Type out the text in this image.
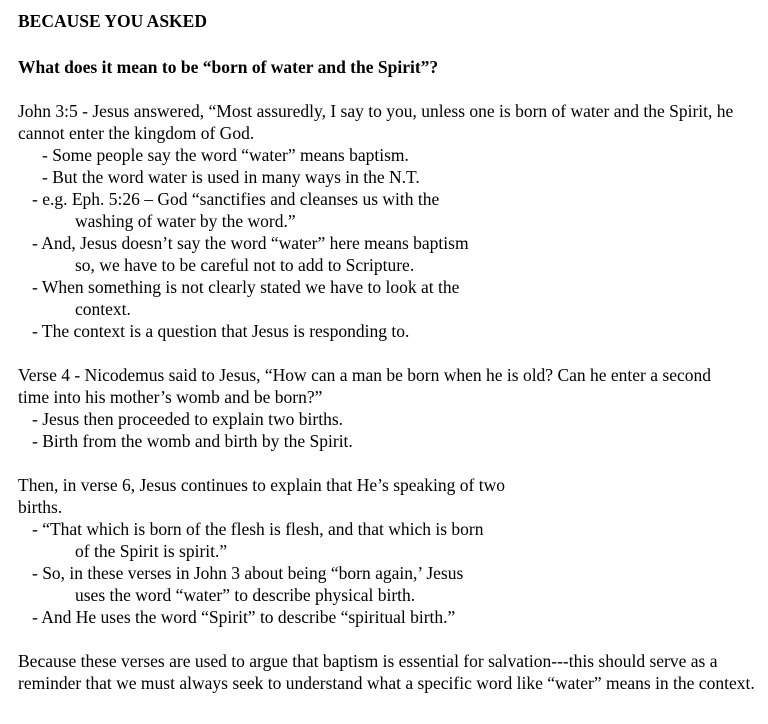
BECAUSE YOU ASKED

What does it mean to be “born of water and the Spirit”?

John 3:5 - Jesus answered, “Most assuredly, I say to you, unless one is born of water and the Spirit, he cannot enter the kingdom of God.

- Some people say the word “water” means baptism.

- But the word water is used in many ways in the N.T.

- e.g. Eph. 5:26 – God “sanctifies and cleanses us with the

washing of water by the word.”

- And, Jesus doesn’t say the word “water” here means baptism

so, we have to be careful not to add to Scripture.

- When something is not clearly stated we have to look at the

context.

- The context is a question that Jesus is responding to.

Verse 4 - Nicodemus said to Jesus, “How can a man be born when he is old? Can he enter a second time into his mother’s womb and be born?”

- Jesus then proceeded to explain two births.

- Birth from the womb and birth by the Spirit.

Then, in verse 6, Jesus continues to explain that He’s speaking of two births.

- “That which is born of the flesh is flesh, and that which is born

of the Spirit is spirit.”

- So, in these verses in John 3 about being “born again,’ Jesus

uses the word “water” to describe physical birth.

- And He uses the word “Spirit” to describe “spiritual birth.”

Because these verses are used to argue that baptism is essential for salvation---this should serve as a reminder that we must always seek to understand what a specific word like “water” means in the context.
